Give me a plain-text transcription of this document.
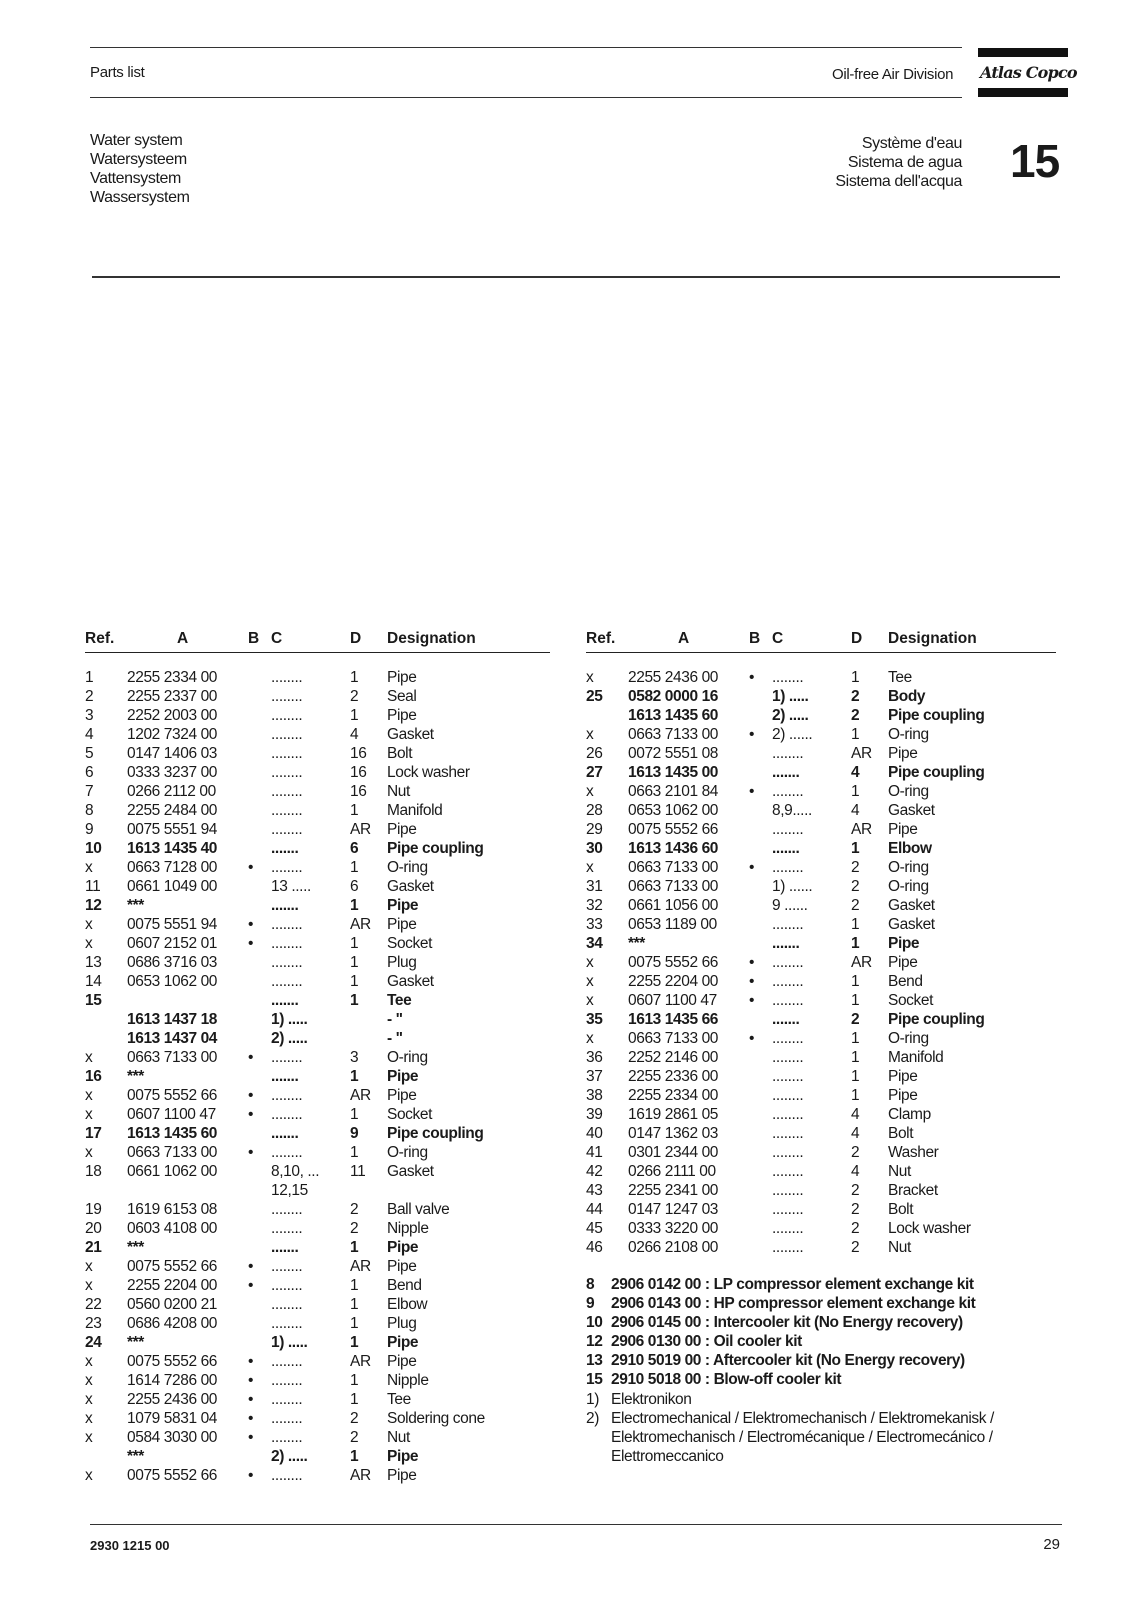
Parts list	Oil-free Air Division Atlas Copco
Water system
Watersysteem
Vattensystem
Wassersystem
Système d'eau
Sistema de agua
Sistema dell'acqua 15
Ref.	A	B C	D Designation
1 2255 2334 00	........	1 Pipe
2 2255 2337 00	........	2 Seal
3 2252 2003 00	........	1 Pipe
4 1202 7324 00	........	4 Gasket
5 0147 1406 03	........	16 Bolt
6 0333 3237 00	........	16 Lock washer
7 0266 2112 00	........	16 Nut
8 2255 2484 00	........	1 Manifold
9 0075 5551 94	........	AR Pipe
10 1613 1435 40	.......	6 Pipe coupling
x 0663 7128 00 • ........	1 O-ring
11 0661 1049 00	13 .....	6 Gasket
12 ***	.......	1 Pipe
x 0075 5551 94 • ........	AR Pipe
x 0607 2152 01 • ........	1 Socket
13 0686 3716 03	........	1 Plug
14 0653 1062 00	........	1 Gasket
15	.......	1 Tee
1613 1437 18	1) .....	- "
1613 1437 04	2) .....	- "
x 0663 7133 00 • ........	3 O-ring
16 ***	.......	1 Pipe
x 0075 5552 66 • ........	AR Pipe
x 0607 1100 47 • ........	1 Socket
17 1613 1435 60	.......	9 Pipe coupling
x 0663 7133 00 • ........	1 O-ring
18 0661 1062 00	8,10, ... 11 Gasket
12,15
19 1619 6153 08	........	2 Ball valve
20 0603 4108 00	........	2 Nipple
21 ***	.......	1 Pipe
x 0075 5552 66 • ........	AR Pipe
x 2255 2204 00 • ........	1 Bend
22 0560 0200 21	........	1 Elbow
23 0686 4208 00	........	1 Plug
24 ***	1) .....	1 Pipe
x 0075 5552 66 • ........	AR Pipe
x 1614 7286 00 • ........	1 Nipple
x 2255 2436 00 • ........	1 Tee
x 1079 5831 04 • ........	2 Soldering cone
x 0584 3030 00 • ........	2 Nut
***	2) .....	1 Pipe
x 0075 5552 66 • ........	AR Pipe
Ref.	A	B C	D Designation
x 2255 2436 00 • ........	1 Tee
25 0582 0000 16	1) .....	2 Body
1613 1435 60	2) .....	2 Pipe coupling
x 0663 7133 00 • 2) ...... 1 O-ring
26 0072 5551 08	........	AR Pipe
27 1613 1435 00	.......	4 Pipe coupling
x 0663 2101 84 • ........	1 O-ring
28 0653 1062 00	8,9.....	4 Gasket
29 0075 5552 66	........	AR Pipe
30 1613 1436 60	.......	1 Elbow
x 0663 7133 00 • ........	2 O-ring
31 0663 7133 00	1) ...... 2 O-ring
32 0661 1056 00	9 ......	2 Gasket
33 0653 1189 00	........	1 Gasket
34 ***	.......	1 Pipe
x 0075 5552 66 • ........	AR Pipe
x 2255 2204 00 • ........	1 Bend
x 0607 1100 47 • ........	1 Socket
35 1613 1435 66	.......	2 Pipe coupling
x 0663 7133 00 • ........	1 O-ring
36 2252 2146 00	........	1 Manifold
37 2255 2336 00	........	1 Pipe
38 2255 2334 00	........	1 Pipe
39 1619 2861 05	........	4 Clamp
40 0147 1362 03	........	4 Bolt
41 0301 2344 00	........	2 Washer
42 0266 2111 00	........	4 Nut
43 2255 2341 00	........	2 Bracket
44 0147 1247 03	........	2 Bolt
45 0333 3220 00	........	2 Lock washer
46 0266 2108 00	........	2 Nut
8 2906 0142 00 : LP compressor element exchange kit
9 2906 0143 00 : HP compressor element exchange kit
10 2906 0145 00 : Intercooler kit (No Energy recovery)
12 2906 0130 00 : Oil cooler kit
13 2910 5019 00 : Aftercooler kit (No Energy recovery)
15 2910 5018 00 : Blow-off cooler kit
1) Elektronikon
2) Electromechanical / Elektromechanisch / Elektromekanisk /
Elektromechanisch / Electromécanique / Electromecánico /
Elettromeccanico
2930 1215 00	29
